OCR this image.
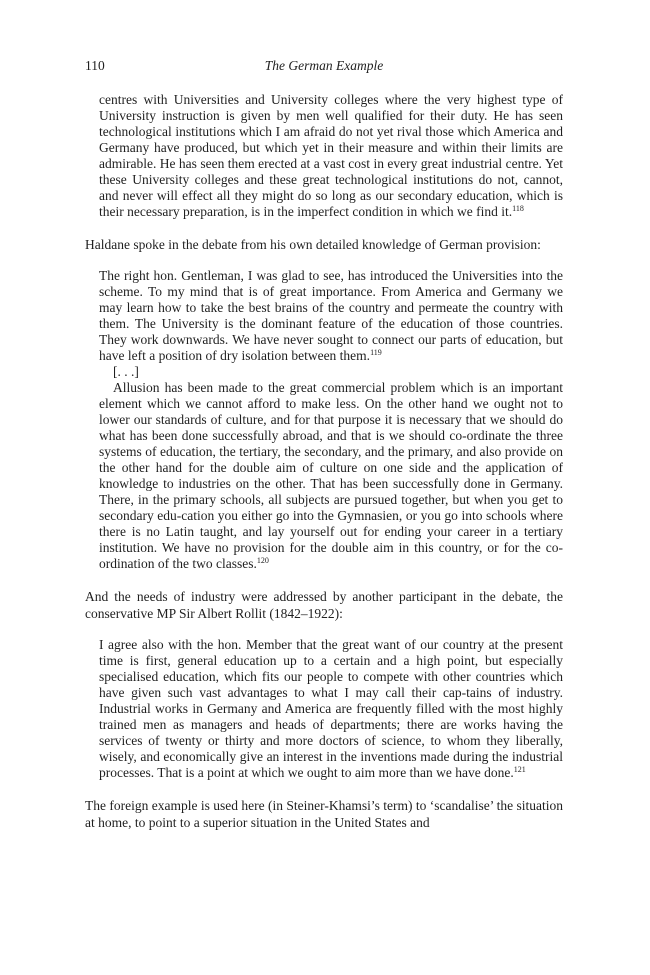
110	The German Example

centres with Universities and University colleges where the very highest type of University instruction is given by men well qualified for their duty. He has seen technological institutions which I am afraid do not yet rival those which America and Germany have produced, but which yet in their measure and within their limits are admirable. He has seen them erected at a vast cost in every great industrial centre. Yet these University colleges and these great technological institutions do not, cannot, and never will effect all they might do so long as our secondary education, which is their necessary preparation, is in the imperfect condition in which we find it.$^{118}$

Haldane spoke in the debate from his own detailed knowledge of German provision:

The right hon. Gentleman, I was glad to see, has introduced the Universities into the scheme. To my mind that is of great importance. From America and Germany we may learn how to take the best brains of the country and permeate the country with them. The University is the dominant feature of the education of those countries. They work downwards. We have never sought to connect our parts of education, but have left a position of dry isolation between them.$^{119}$

[. . .]

Allusion has been made to the great commercial problem which is an important element which we cannot afford to make less. On the other hand we ought not to lower our standards of culture, and for that purpose it is necessary that we should do what has been done successfully abroad, and that is we should co-ordinate the three systems of education, the tertiary, the secondary, and the primary, and also provide on the other hand for the double aim of culture on one side and the application of knowledge to industries on the other. That has been successfully done in Germany. There, in the primary schools, all subjects are pursued together, but when you get to secondary edu-cation you either go into the Gymnasien, or you go into schools where there is no Latin taught, and lay yourself out for ending your career in a tertiary institution. We have no provision for the double aim in this country, or for the co-ordination of the two classes.$^{120}$

And the needs of industry were addressed by another participant in the debate, the conservative MP Sir Albert Rollit (1842–1922):

I agree also with the hon. Member that the great want of our country at the present time is first, general education up to a certain and a high point, but especially specialised education, which fits our people to compete with other countries which have given such vast advantages to what I may call their cap-tains of industry. Industrial works in Germany and America are frequently filled with the most highly trained men as managers and heads of departments; there are works having the services of twenty or thirty and more doctors of science, to whom they liberally, wisely, and economically give an interest in the inventions made during the industrial processes. That is a point at which we ought to aim more than we have done.$^{121}$

The foreign example is used here (in Steiner-Khamsi’s term) to ‘scandalise’ the situation at home, to point to a superior situation in the United States and
